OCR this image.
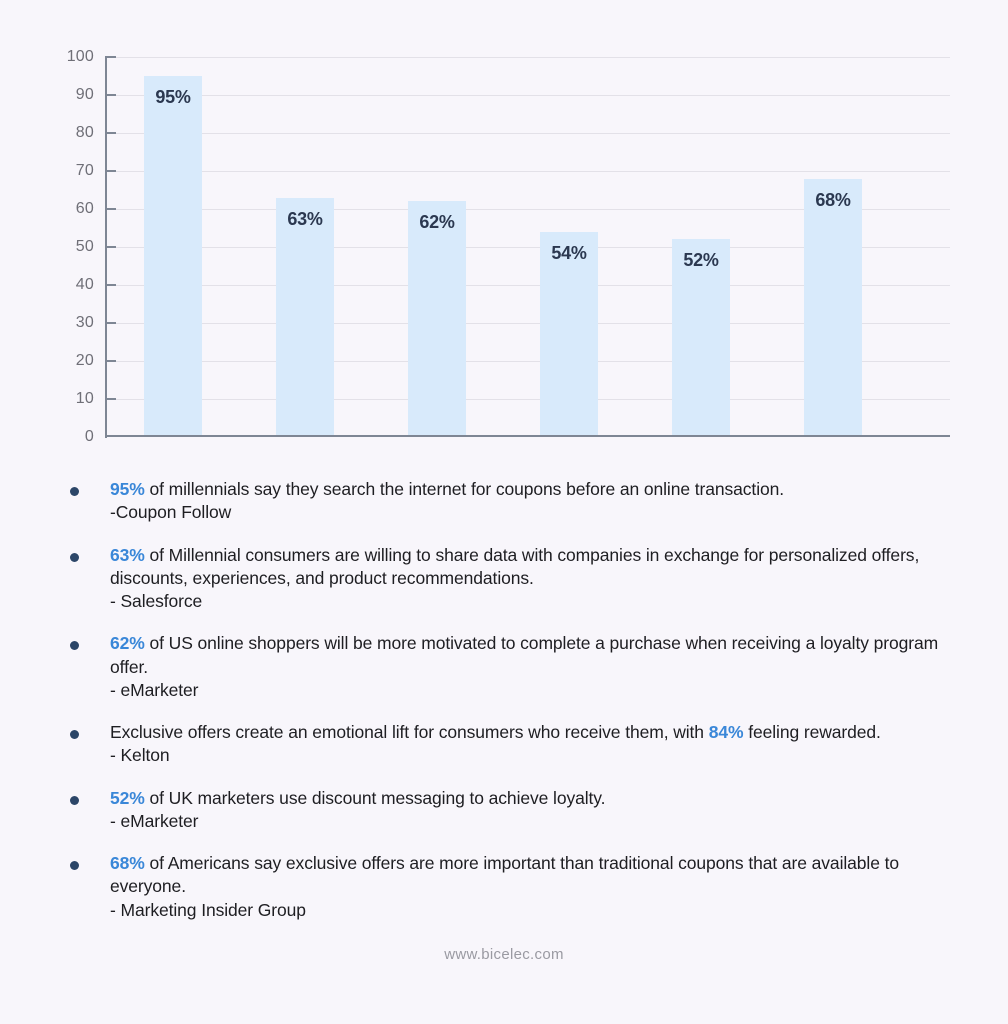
100
90
80
70
60
50
40
30
20
10
0
95%
63%	62%
54%	52%
68%
95% of millennials say they search the internet for coupons before an online transaction.
-Coupon Follow
63% of Millennial consumers are willing to share data with companies in exchange for personalized offers, discounts, experiences, and product recommendations.
- Salesforce
62% of US online shoppers will be more motivated to complete a purchase when receiving a loyalty program offer.
- eMarketer
Exclusive offers create an emotional lift for consumers who receive them, with 84% feeling rewarded.
- Kelton
52% of UK marketers use discount messaging to achieve loyalty.
- eMarketer
68% of Americans say exclusive offers are more important than traditional coupons that are available to everyone.
- Marketing Insider Group
www.bicelec.com
